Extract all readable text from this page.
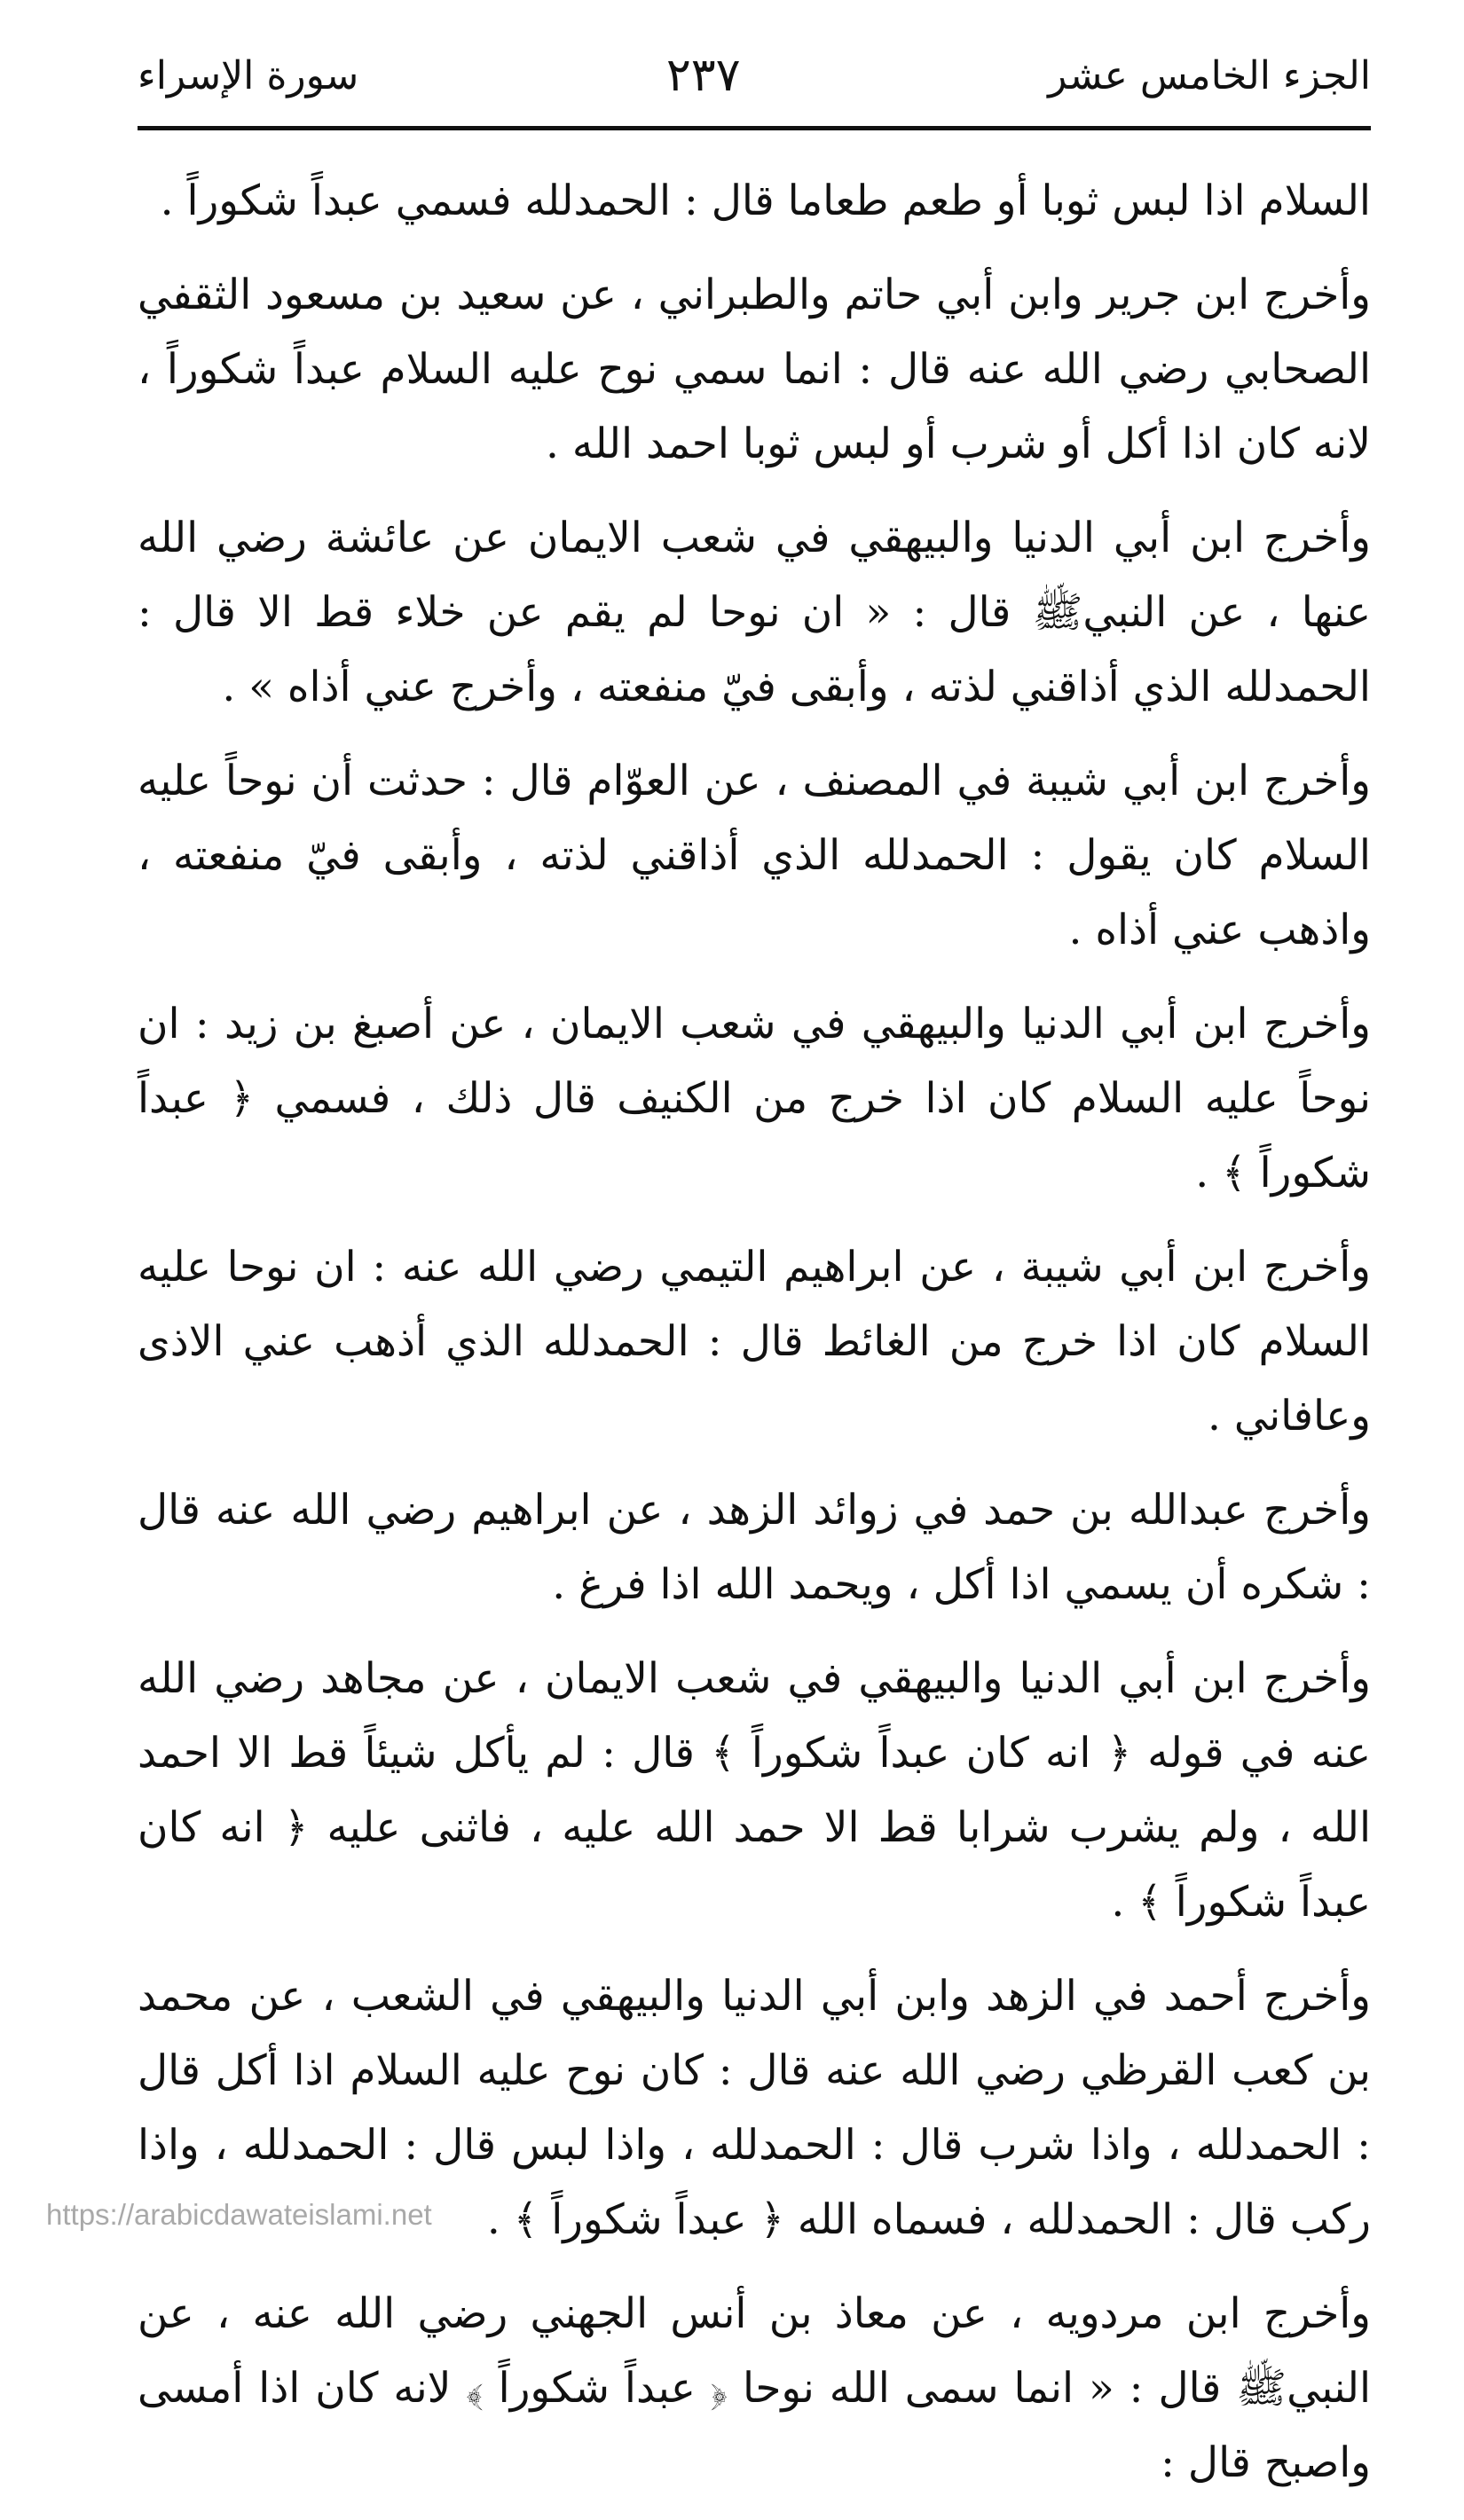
الجزء الخامس عشر
٢٣٧
سورة الإسراء

السلام اذا لبس ثوبا أو طعم طعاما قال : الحمدلله فسمي عبداً شكوراً .

وأخرج ابن جرير وابن أبي حاتم والطبراني ، عن سعيد بن مسعود الثقفي الصحابي رضي الله عنه قال : انما سمي نوح عليه السلام عبداً شكوراً ، لانه كان اذا أكل أو شرب أو لبس ثوبا احمد الله .

وأخرج ابن أبي الدنيا والبيهقي في شعب الايمان عن عائشة رضي الله عنها ، عن النبيﷺ قال : « ان نوحا لم يقم عن خلاء قط الا قال : الحمدلله الذي أذاقني لذته ، وأبقى فيّ منفعته ، وأخرج عني أذاه » .

وأخرج ابن أبي شيبة في المصنف ، عن العوّام قال : حدثت أن نوحاً عليه السلام كان يقول : الحمدلله الذي أذاقني لذته ، وأبقى فيّ منفعته ، واذهب عني أذاه .

وأخرج ابن أبي الدنيا والبيهقي في شعب الايمان ، عن أصبغ بن زيد : ان نوحاً عليه السلام كان اذا خرج من الكنيف قال ذلك ، فسمي ﴿ عبداً شكوراً ﴾ .

وأخرج ابن أبي شيبة ، عن ابراهيم التيمي رضي الله عنه : ان نوحا عليه السلام كان اذا خرج من الغائط قال : الحمدلله الذي أذهب عني الاذى وعافاني .

وأخرج عبدالله بن حمد في زوائد الزهد ، عن ابراهيم رضي الله عنه قال : شكره أن يسمي اذا أكل ، ويحمد الله اذا فرغ .

وأخرج ابن أبي الدنيا والبيهقي في شعب الايمان ، عن مجاهد رضي الله عنه في قوله ﴿ انه كان عبداً شكوراً ﴾ قال : لم يأكل شيئاً قط الا احمد الله ، ولم يشرب شرابا قط الا حمد الله عليه ، فاثنى عليه ﴿ انه كان عبداً شكوراً ﴾ .

وأخرج أحمد في الزهد وابن أبي الدنيا والبيهقي في الشعب ، عن محمد بن كعب القرظي رضي الله عنه قال : كان نوح عليه السلام اذا أكل قال : الحمدلله ، واذا شرب قال : الحمدلله ، واذا لبس قال : الحمدلله ، واذا ركب قال : الحمدلله ، فسماه الله ﴿ عبداً شكوراً ﴾ .

وأخرج ابن مردويه ، عن معاذ بن أنس الجهني رضي الله عنه ، عن النبيﷺ قال : « انما سمى الله نوحا ﴿ عبداً شكوراً ﴾ لانه كان اذا أمسى واصبح قال :

https://arabicdawateislami.net
